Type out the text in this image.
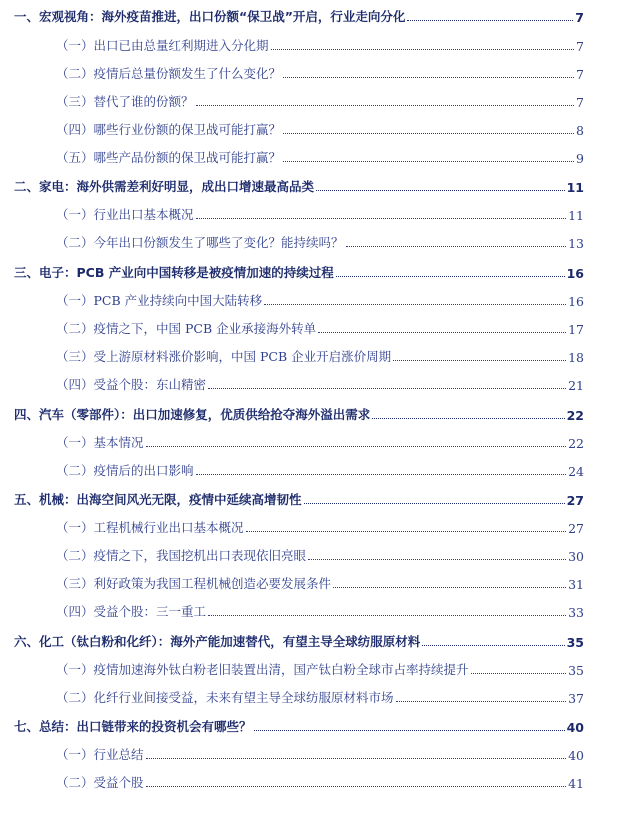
一、宏观视角：海外疫苗推进，出口份额“保卫战”开启，行业走向分化	7
（一）出口已由总量红利期进入分化期	7
（二）疫情后总量份额发生了什么变化？	7
（三）替代了谁的份额？	7
（四）哪些行业份额的保卫战可能打赢？	8
（五）哪些产品份额的保卫战可能打赢？	9
二、家电：海外供需差利好明显，成出口增速最高品类	11
（一）行业出口基本概况	11
（二）今年出口份额发生了哪些了变化？能持续吗？	13
三、电子：PCB 产业向中国转移是被疫情加速的持续过程	16
（一）PCB 产业持续向中国大陆转移	16
（二）疫情之下，中国 PCB 企业承接海外转单	17
（三）受上游原材料涨价影响，中国 PCB 企业开启涨价周期	18
（四）受益个股：东山精密	21
四、汽车（零部件）：出口加速修复，优质供给抢夺海外溢出需求	22
（一）基本情况	22
（二）疫情后的出口影响	24
五、机械：出海空间风光无限，疫情中延续高增韧性	27
（一）工程机械行业出口基本概况	27
（二）疫情之下，我国挖机出口表现依旧亮眼	30
（三）利好政策为我国工程机械创造必要发展条件	31
（四）受益个股：三一重工	33
六、化工（钛白粉和化纤）：海外产能加速替代，有望主导全球纺服原材料	35
（一）疫情加速海外钛白粉老旧装置出清，国产钛白粉全球市占率持续提升	35
（二）化纤行业间接受益，未来有望主导全球纺服原材料市场	37
七、总结：出口链带来的投资机会有哪些？	40
（一）行业总结	40
（二）受益个股	41
